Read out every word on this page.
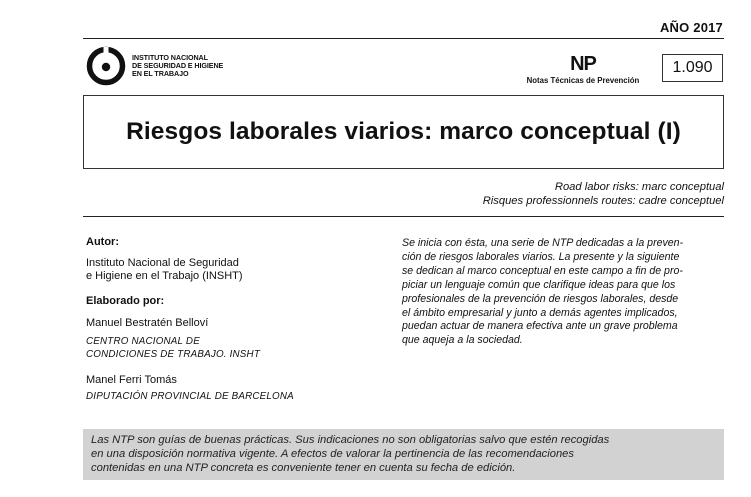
AÑO 2017
INSTITUTO NACIONAL
DE SEGURIDAD E HIGIENE
EN EL TRABAJO	NP
Notas Técnicas de Prevención
1.090
Riesgos laborales viarios: marco conceptual (I)
Road labor risks: marc conceptual
Risques professionnels routes: cadre conceptuel
Autor:
Instituto Nacional de Seguridad
e Higiene en el Trabajo (INSHT)
Elaborado por:
Manuel Bestratén Belloví
CENTRO NACIONAL DE
CONDICIONES DE TRABAJO. INSHT
Manel Ferri Tomás
DIPUTACIÓN PROVINCIAL DE BARCELONA
Se inicia con ésta, una serie de NTP dedicadas a la preven-
ción de riesgos laborales viarios. La presente y la siguiente
se dedican al marco conceptual en este campo a fin de pro-
piciar un lenguaje común que clarifique ideas para que los
profesionales de la prevención de riesgos laborales, desde
el ámbito empresarial y junto a demás agentes implicados,
puedan actuar de manera efectiva ante un grave problema
que aqueja a la sociedad.
Las NTP son guías de buenas prácticas. Sus indicaciones no son obligatorias salvo que estén recogidas
en una disposición normativa vigente. A efectos de valorar la pertinencia de las recomendaciones
contenidas en una NTP concreta es conveniente tener en cuenta su fecha de edición.
